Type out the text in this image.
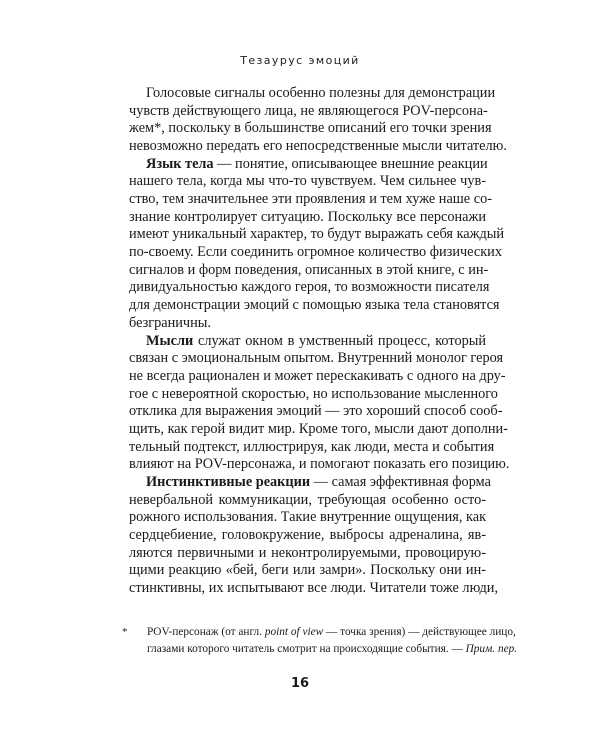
Тезаурус эмоций
Голосовые сигналы особенно полезны для демонстрации
чувств действующего лица, не являющегося POV-персона-
жем*, поскольку в большинстве описаний его точки зрения
невозможно передать его непосредственные мысли читателю.
Язык тела — понятие, описывающее внешние реакции
нашего тела, когда мы что-то чувствуем. Чем сильнее чув-
ство, тем значительнее эти проявления и тем хуже наше со-
знание контролирует ситуацию. Поскольку все персонажи
имеют уникальный характер, то будут выражать себя каждый
по-своему. Если соединить огромное количество физических
сигналов и форм поведения, описанных в этой книге, с ин-
дивидуальностью каждого героя, то возможности писателя
для демонстрации эмоций с помощью языка тела становятся
безграничны.
Мысли служат окном в умственный процесс, который
связан с эмоциональным опытом. Внутренний монолог героя
не всегда рационален и может перескакивать с одного на дру-
гое с невероятной скоростью, но использование мысленного
отклика для выражения эмоций — это хороший способ сооб-
щить, как герой видит мир. Кроме того, мысли дают дополни-
тельный подтекст, иллюстрируя, как люди, места и события
влияют на POV-персонажа, и помогают показать его позицию.
Инстинктивные реакции — самая эффективная форма
невербальной коммуникации, требующая особенно осто-
рожного использования. Такие внутренние ощущения, как
сердцебиение, головокружение, выбросы адреналина, яв-
ляются первичными и неконтролируемыми, провоцирую-
щими реакцию «бей, беги или замри». Поскольку они ин-
стинктивны, их испытывают все люди. Читатели тоже люди,
* POV-персонаж (от англ. point of view — точка зрения) — действующее лицо,
глазами которого читатель смотрит на происходящие события. — Прим. пер.
16
